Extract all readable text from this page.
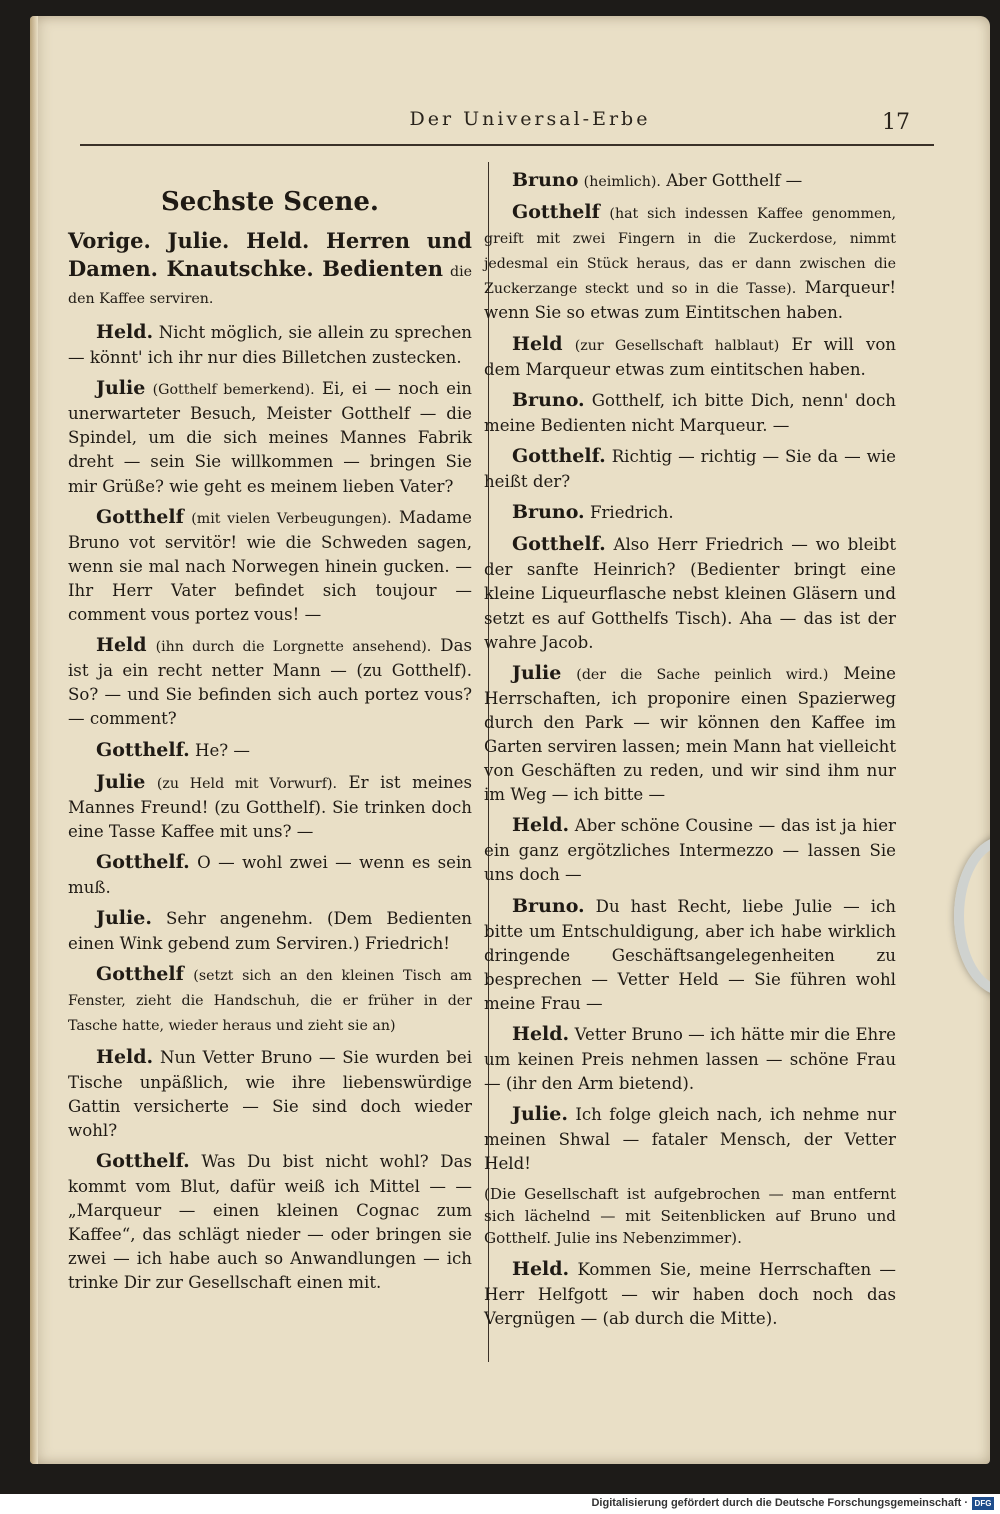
Der Universal-Erbe	17
Sechste Scene.
Vorige. Julie. Held. Herren und Damen. Knautschke. Bedienten die den Kaffee serviren.

Held. Nicht möglich, sie allein zu sprechen — könnt' ich ihr nur dies Billetchen zustecken.

Julie (Gotthelf bemerkend). Ei, ei — noch ein unerwarteter Besuch, Meister Gotthelf — die Spindel, um die sich meines Mannes Fabrik dreht — sein Sie willkommen — bringen Sie mir Grüße? wie geht es meinem lieben Vater?

Gotthelf (mit vielen Verbeugungen). Madame Bruno vot servitör! wie die Schweden sagen, wenn sie mal nach Norwegen hinein gucken. — Ihr Herr Vater befindet sich toujour — comment vous portez vous! —

Held (ihn durch die Lorgnette ansehend). Das ist ja ein recht netter Mann — (zu Gotthelf). So? — und Sie befinden sich auch portez vous? — comment?

Gotthelf. He? —

Julie (zu Held mit Vorwurf). Er ist meines Mannes Freund! (zu Gotthelf). Sie trinken doch eine Tasse Kaffee mit uns? —

Gotthelf. O — wohl zwei — wenn es sein muß.

Julie. Sehr angenehm. (Dem Bedienten einen Wink gebend zum Serviren.) Friedrich!

Gotthelf (setzt sich an den kleinen Tisch am Fenster, zieht die Handschuh, die er früher in der Tasche hatte, wieder heraus und zieht sie an)

Held. Nun Vetter Bruno — Sie wurden bei Tische unpäßlich, wie ihre liebenswürdige Gattin versicherte — Sie sind doch wieder wohl?

Gotthelf. Was Du bist nicht wohl? Das kommt vom Blut, dafür weiß ich Mittel — — „Marqueur — einen kleinen Cognac zum Kaffee“, das schlägt nieder — oder bringen sie zwei — ich habe auch so Anwandlungen — ich trinke Dir zur Gesellschaft einen mit.

Bruno (heimlich). Aber Gotthelf —

Gotthelf (hat sich indessen Kaffee genommen, greift mit zwei Fingern in die Zuckerdose, nimmt jedesmal ein Stück heraus, das er dann zwischen die Zuckerzange steckt und so in die Tasse). Marqueur! wenn Sie so etwas zum Eintitschen haben.

Held (zur Gesellschaft halblaut) Er will von dem Marqueur etwas zum eintitschen haben.

Bruno. Gotthelf, ich bitte Dich, nenn' doch meine Bedienten nicht Marqueur. —

Gotthelf. Richtig — richtig — Sie da — wie heißt der?

Bruno. Friedrich.

Gotthelf. Also Herr Friedrich — wo bleibt der sanfte Heinrich? (Bedienter bringt eine kleine Liqueurflasche nebst kleinen Gläsern und setzt es auf Gotthelfs Tisch). Aha — das ist der wahre Jacob.

Julie (der die Sache peinlich wird.) Meine Herrschaften, ich proponire einen Spazierweg durch den Park — wir können den Kaffee im Garten serviren lassen; mein Mann hat vielleicht von Geschäften zu reden, und wir sind ihm nur im Weg — ich bitte —

Held. Aber schöne Cousine — das ist ja hier ein ganz ergötzliches Intermezzo — lassen Sie uns doch —

Bruno. Du hast Recht, liebe Julie — ich bitte um Entschuldigung, aber ich habe wirklich dringende Geschäftsangelegenheiten zu besprechen — Vetter Held — Sie führen wohl meine Frau —

Held. Vetter Bruno — ich hätte mir die Ehre um keinen Preis nehmen lassen — schöne Frau — (ihr den Arm bietend).

Julie. Ich folge gleich nach, ich nehme nur meinen Shwal — fataler Mensch, der Vetter Held!

(Die Gesellschaft ist aufgebrochen — man entfernt sich lächelnd — mit Seitenblicken auf Bruno und Gotthelf. Julie ins Nebenzimmer).

Held. Kommen Sie, meine Herrschaften — Herr Helfgott — wir haben doch noch das Vergnügen — (ab durch die Mitte).

Digitalisierung gefördert durch die Deutsche Forschungsgemeinschaft · DFG
